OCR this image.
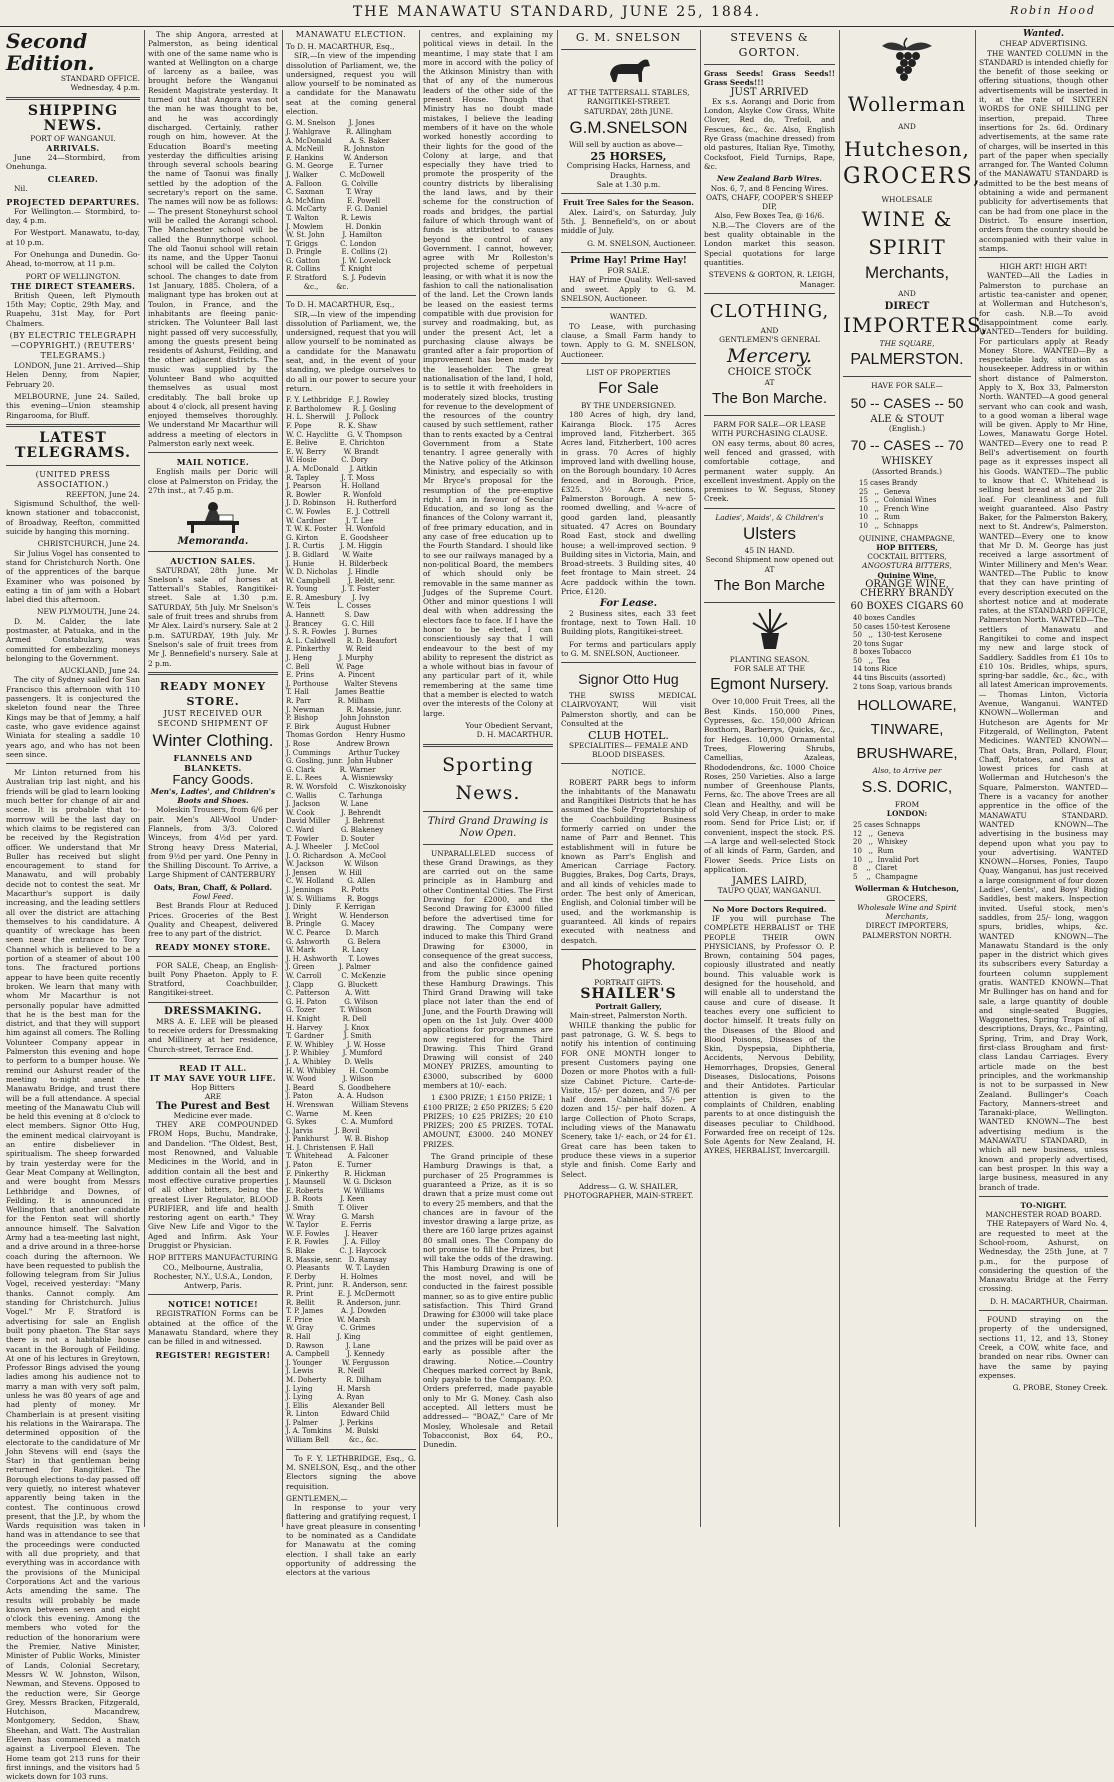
THE MANAWATU STANDARD, JUNE 25, 1884.	Robin Hood
Second Edition.
STANDARD OFFICE.
Wednesday, 4 p.m.
SHIPPING NEWS.
PORT OF WANGANUI.
ARRIVALS.

June 24—Stormbird, from Onehunga.

CLEARED.

Nil.

PROJECTED DEPARTURES.

For Wellington.— Stormbird, to-day, 4 p.m.

For Westport. Manawatu, to-day, at 10 p.m.

For Onehunga and Dunedin. Go-Ahead, to-morrow, at 11 p.m.

PORT OF WELLINGTON.
THE DIRECT STEAMERS.

British Queen, left Plymouth 15th May; Coptic, 29th May, and Ruapehu, 31st May, for Port Chalmers.

(BY ELECTRIC TELEGRAPH—COPYRIGHT.) (REUTERS' TELEGRAMS.)

LONDON, June 21. Arrived—Ship Helen Denny, from Napier, February 20.

MELBOURNE, June 24. Sailed, this evening—Union steamship Ringarooma, for Bluff.

LATEST TELEGRAMS.
(UNITED PRESS ASSOCIATION.)
REEFTON, June 24.

Sigismund Schulthof, the well-known stationer and tobacconist, of Broadway, Reefton, committed suicide by hanging this morning.

CHRISTCHURCH, June 24.

Sir Julius Vogel has consented to stand for Christchurch North. One of the apprentices of the barque Examiner who was poisoned by eating a tin of jam with a Hobart label died this afternoon.

NEW PLYMOUTH, June 24.

D. M. Calder, the late postmaster, at Patuaka, and in the Armed Constabulary, was committed for embezzling moneys belonging to the Government.

AUCKLAND, June 24.

The city of Sydney sailed for San Francisco this afternoon with 110 passengers. It is conjectured the skeleton found near the Three Kings may be that of Jemmy, a half caste, who gave evidence against Winiata for stealing a saddle 10 years ago, and who has not been seen since.

Mr Linton returned from his Australian trip last night, and his friends will be glad to learn looking much better for change of air and scene. It is probable that to-morrow will be the last day on which claims to be registered can be received by the Registration officer. We understand that Mr Buller has received but slight encouragement to stand for Manawatu, and will probably decide not to contest the seat. Mr Macarthur's support is daily increasing, and the leading settlers all over the district are attaching themselves to his candidature. A quantity of wreckage has been seen near the entrance to Tory Channel which is believed to be a portion of a steamer of about 100 tons. The fractured portions appear to have been quite recently broken. We learn that many with whom Mr Macarthur is not personally popular have admitted that he is the best man for the district, and that they will support him against all comers. The Rolling Volunteer Company appear in Palmerston this evening and hope to perform to a bumper house. We remind our Ashurst reader of the meeting to-night anent the Manawatu Bridge, and trust there will be a full attendance. A special meeting of the Manawatu Club will be held this evening at 8 o'clock to elect members. Signor Otto Hug, the eminent medical clairvoyant is an entire disbeliever in spiritualism. The sheep forwarded by train yesterday were for the Gear Meat Company at Wellington, and were bought from Messrs Lethbridge and Downes, of Feilding. It is announced in Wellington that another candidate for the Fenton seat will shortly announce himself. The Salvation Army had a tea-meeting last night, and a drive around in a three-horse coach during the afternoon. We have been requested to publish the following telegram from Sir Julius Vogel, received yesterday: "Many thanks. Cannot comply. Am standing for Christchurch. Julius Vogel." Mr F. Stratford is advertising for sale an English built pony phaeton. The Star says there is not a habitable house vacant in the Borough of Feilding. At one of his lectures in Greytown, Professor Bings advised the young ladies among his audience not to marry a man with very soft palm, unless he was 80 years of age and had plenty of money. Mr Chamberlain is at present visiting his relations in the Wairarapa. The determined opposition of the electorate to the candidature of Mr John Stevens will end (says the Star) in that gentleman being returned for Rangitikei. The Borough elections to-day passed off very quietly, no interest whatever apparently being taken in the contest. The continuous crowd present, that the J.P., by whom the Wards requisition was taken in hand was in attendance to see that the proceedings were conducted with all due propriety, and that everything was in accordance with the provisions of the Municipal Corporations Act and the various Acts amending the same. The results will probably be made known between seven and eight o'clock this evening. Among the members who voted for the reduction of the honorarium were the Premier, Native Minister, Minister of Public Works, Minister of Lands, Colonial Secretary, Messrs W. W. Johnston, Wilson, Newman, and Stevens. Opposed to the reduction were, Sir George Grey, Messrs Bracken, Fitzgerald, Hutchison, Macandrew, Montgomery, Seddon, Shaw, Sheehan, and Watt. The Australian Eleven has commenced a match against a Liverpool Eleven. The Home team got 213 runs for their first innings, and the visitors had 5 wickets down for 103 runs.

The ship Angora, arrested at Palmerston, as being identical with one of the same name who is wanted at Wellington on a charge of larceny as a bailee, was brought before the Wanganui Resident Magistrate yesterday. It turned out that Angora was not the man he was thought to be, and he was accordingly discharged. Certainly, rather rough on him, however. At the Education Board's meeting yesterday the difficulties arising through several schools bearing the name of Taonui was finally settled by the adoption of the secretary's report on the same. The names will now be as follows:— The present Stoneyhurst school will be called the Aorangi school. The Manchester school will be called the Bunnythorpe school. The old Taonui school will retain its name, and the Upper Taonui school will be called the Colyton school. The changes to date from 1st January, 1885. Cholera, of a malignant type has broken out at Toulon, in France, and the inhabitants are fleeing panic-stricken. The Volunteer Ball last night passed off very successfully, among the guests present being residents of Ashurst, Feilding, and the other adjacent districts. The music was supplied by the Volunteer Band who acquitted themselves as usual most creditably. The ball broke up about 4 o'clock, all present having enjoyed themselves thoroughly. We understand Mr Macarthur will address a meeting of electors in Palmerston early next week.

MAIL NOTICE.

English mails per Doric will close at Palmerston on Friday, the 27th inst., at 7.45 p.m.

Memoranda.
AUCTION SALES.

SATURDAY, 28th June. Mr Snelson's sale of horses at Tattersall's Stables, Rangitikei-street. Sale at 1.30 p.m. SATURDAY, 5th July. Mr Snelson's sale of fruit trees and shrubs from Mr Alex. Laird's nursery. Sale at 2 p.m. SATURDAY, 19th July. Mr Snelson's sale of fruit trees from Mr J. Bennefield's nursery. Sale at 2 p.m.

READY MONEY STORE.
JUST RECEIVED OUR SECOND SHIPMENT OF
Winter Clothing.
FLANNELS AND BLANKETS.
Fancy Goods.
Men's, Ladies', and Children's Boots and Shoes.

Moleskin Trousers, from 6/6 per pair. Men's All-Wool Under-Flannels, from 3/3. Colored Winceys, from 4½d per yard. Strong heavy Dress Material, from 9½d per yard. One Penny in the Shilling Discount. To Arrive, a Large Shipment of CANTERBURY

Oats, Bran, Chaff, & Pollard.
Fowl Feed.

Best Brands Flour at Reduced Prices. Groceries of the Best Quality and Cheapest, delivered free to any part of the district.

READY MONEY STORE.

FOR SALE, Cheap, an English-built Pony Phaeton. Apply to F. Stratford, Coachbuilder, Rangitikei-street.

DRESSMAKING.

MRS A. E. LEE will be pleased to receive orders for Dressmaking and Millinery at her residence, Church-street, Terrace End.

READ IT ALL.
IT MAY SAVE YOUR LIFE.
Hop Bitters
ARE
The Purest and Best
Medicine ever made.

THEY ARE COMPOUNDED FROM Hops, Buchu, Mandrake, and Dandelion. "The Oldest, Best, most Renowned, and Valuable Medicines in the World, and in addition contain all the best and most effective curative properties of all other bitters, being the greatest Liver Regulator, BLOOD PURIFIER, and life and health restoring agent on earth." They Give New Life and Vigor to the Aged and Infirm. Ask Your Druggist or Physician.

HOP BITTERS MANUFACTURING CO., Melbourne, Australia, Rochester, N.Y., U.S.A., London, Antwerp, Paris.
NOTICE! NOTICE!

REGISTRATION Forms can be obtained at the office of the Manawatu Standard, where they can be filled in and witnessed.

REGISTER! REGISTER!
MANAWATU ELECTION.
To D. H. MACARTHUR, Esq.,

SIR,—In view of the impending dissolution of Parliament, we, the undersigned, request you will allow yourself to be nominated as a candidate for the Manawatu seat at the coming general election.

G. M. Snelson      J. Jones
J. Wahlgrave       R. Allingham
A. McDonald        A. S. Baker
A. McNeill         R. Johnston
F. Hankins         W. Anderson
G. M. George       E. Turner
J. Walker          C. McDowell
A. Falloon         G. Colville
C. Saxman          T. Wray
A. McMinn          E. Powell
G. McCarty         F. G. Daniel
T. Walton          R. Lewis
J. Mowlem          H. Donkin
W. St. John        J. Hamilton
T. Griggs          C. London
D. Pringle         E. Collins (2)
G. Gatton          J. W. Lovelock
R. Collins         T. Knight
F. Stratford       S. J. Podevin
&c.,        &c.
To D. H. MACARTHUR, Esq.,

SIR,—In view of the impending dissolution of Parliament, we, the undersigned, request that you will allow yourself to be nominated as a candidate for the Manawatu seat, and, in the event of your standing, we pledge ourselves to do all in our power to secure your return.

F. Y. Lethbridge   F. J. Rowley
F. Bartholomew     R. J. Gosling
H. L. Sherwill     J. Pollock
F. Pope            R. K. Shaw
W. C. Hayclitte    G. V. Thompson
E. Belive          E. Chrichton
E. W. Berry        W. Brandt
W. Hosie           C. Dory
J. A. McDonald     J. Aitkin
R. Tapley          J. T. Moss
J. Pearson         H. Holland
R. Bowler          R. Wonfold
J. D. Robinson     H. Rutherford
C. W. Fowles       E. J. Cottrell
W. Cardner         J. T. Lee
T. W. K. Foster    H. Wonfold
G. Kirton          E. Goodsheer
J. R. Curtis       J. M. Higgin
J. B. Gidlard      W. Waite
J. Hunie           H. Bilderbeck
W. D. Nicholas     J. Hindle
W. Campbell        J. Beldt, senr.
R. Young           J. T. Foster
E. R. Amesbury     J. Ivy
W. Teis            L. Cosses
A. Hannett         S. Daw
J. Brancey         G. C. Hill
J. S. R. Fowles    J. Burnes
A. L. Caldwell     R. D. Beaufort
E. Pinkerthy       W. Reid
J. Heng            J. Murphy
C. Bell            W. Page
E. Prins           A. Pincent
J. Porthouse       Walter Stevens
T. Hall            James Beattie
R. Parr            R. Milham
J. Newman          R. Massie, junr.
P. Bishop          John Johnston
F. Birk            August Hubner
Thomas Gordon      Henry Husmo
J. Rose            Andrew Brown
J. Cummings        Arthur Tuckey
G. Gosling, junr.  John Hubner
G. Clark           R. Warner
E. L. Rees         A. Wisniewsky
R. W. Worsfold     C. Wiszkonoisky
C. Wallis          C. Tarhunga
J. Jackson         W. Lane
W. Cook            J. Behrendt
David Miller       J. Behrenst
C. Ward            G. Blakeney
T. Fowler          D. Souter
A. J. Wheeler      J. McCool
J. O. Richardson   A. McCool
W. Jackson         W. Wilson
J. Jensen          W. Hill
C. W. Holland      G. Allen
J. Jennings        R. Potts
W. S. Williams     R. Boggs
J. Dinly           F. Kerrigan
J. Wright          W. Henderson
B. Pringle         G. Macey
W. C. Pearce       D. March
G. Ashworth        G. Belera
W. Mark            R. Lacy
J. H. Ashworth     T. Lowes
J. Green           J. Palmer
W. Carroll         C. McKenzie
J. Clapp           G. Bluckett
C. Patterson       A. Witt
G. H. Paton        G. Wilson
G. Tozer           T. Wilson
H. Knight          R. Dell
H. Harvey          J. Knox
T. Gardner         J. Smith
F. W. Whibley      J. W. Hosse
J. P. Whibley      J. Mumford
J. A. Whibley      D. Wells
H. W. Whibley      H. Coombe
W. Wood            J. Wilson
J. Beard           S. Goodbehere
J. Paton           A. A. Hudson
H. Wrenswan        William Stevens
C. Warne           M. Keen
G. Sykes           C. A. Mumford
J. Jarvis          J. Bovil
J. Pankhurst       W. B. Bishop
H. J. Christensen  F. Hall
T. Whitehead       A. Falconer
J. Paton           E. Turner
F. Pinkerthy       R. Hickman
J. Maunsell        W. G. Dickson
E. Roberts         W. Williams
J. B. Roots        J. Keen
J. Smith           T. Oliver
W. Wray            G. Marsh
W. Taylor          E. Ferris
W. F. Fowles       J. Heaver
F. R. Fowles       J. A. Filloy
S. Blake           C. J. Haycock
R. Massie, senr.   D. Ramsay
O. Pleasants       W. T. Layden
F. Derby           H. Holmes
R. Print, junr.    R. Anderson, senr.
R. Print           E. J. McDermott
R. Bellit          R. Anderson, junr.
T. P. James        A. J. Dowden
F. Price           W. Marsh
W. Gray            C. Grimes
R. Hall            J. King
D. Rawson          J. Lane
A. Campbell        J. Kennedy
J. Younger         W. Fergusson
J. Lewis           R. Neill
M. Doherty         R. Dilham
J. Lying           H. Marsh
J. Lying           A. Ryan
J. Ellis           Alexander Bell
R. Linton          Edward Child
J. Palmer          J. Perkins
J. A. Tomkins      M. Bulski
William Bell         &c., &c.

To F. Y. LETHBRIDGE, Esq., G. M. SNELSON, Esq., and the other Electors signing the above requisition.

GENTLEMEN,—

In response to your very flattering and gratifying request, I have great pleasure in consenting to be nominated as a Candidate for Manawatu at the coming election. I shall take an early opportunity of addressing the electors at the various

centres, and explaining my political views in detail. In the meantime, I may state that I am more in accord with the policy of the Atkinson Ministry than with that of any of the numerous leaders of the other side of the present House. Though that Ministry has no doubt made mistakes, I believe the leading members of it have on the whole worked honestly according to their lights for the good of the Colony at large, and that especially they have tried to promote the prosperity of the country districts by liberalising the land laws, and by their scheme for the construction of roads and bridges, the partial failure of which through want of funds is attributed to causes beyond the control of any Government. I cannot, however, agree with Mr Rolleston's projected scheme of perpetual leasing, or with what it is now the fashion to call the nationalisation of the land. Let the Crown lands be leased on the easiest terms compatible with due provision for survey and roadmaking, but, as under the present Act, let a purchasing clause always be granted after a fair proportion of improvement has been made by the leaseholder. The great nationalisation of the land, I hold, is to settle it with freeholders in moderately sized blocks, trusting for revenue to the development of the resources of the country caused by such settlement, rather than to rents exacted by a Central Government from a State tenantry. I agree generally with the Native policy of the Atkinson Ministry, and especially so with Mr Bryce's proposal for the resumption of the pre-emptive right. I am in favour of Secular Education, and so long as the finances of the Colony warrant it, of free primary education, and in any case of free education up to the Fourth Standard. I should like to see our railways managed by a non-political Board, the members of which should only be removable in the same manner as Judges of the Supreme Court. Other and minor questions I will deal with when addressing the electors face to face. If I have the honor to be elected, I can conscientiously say that I will endeavour to the best of my ability to represent the district as a whole without bias in favour of any particular part of it, while remembering at the same time that a member is elected to watch over the interests of the Colony at large.

Your Obedient Servant,
D. H. MACARTHUR.
Sporting News.
Third Grand Drawing is Now Open.

UNPARALLELED success of these Grand Drawings, as they are carried out on the same principle as in Hamburg and other Continental Cities. The First Drawing for £2000, and the Second Drawing for £3000 filled before the advertised time for drawing. The Company were induced to make this Third Grand Drawing for £3000, in consequence of the great success, and also the confidence gained from the public since opening these Hamburg Drawings. This Third Grand Drawing will take place not later than the end of June, and the Fourth Drawing will open on the 1st July. Over 4000 applications for programmes are now registered for the Third Drawing. This Third Grand Drawing will consist of 240 MONEY PRIZES, amounting to £3000, subscribed by 6000 members at 10/- each.

1 £300 PRIZE; 1 £150 PRIZE; 1 £100 PRIZE; 2 £50 PRIZES; 5 £20 PRIZES; 10 £25 PRIZES; 20 £10 PRIZES; 200 £5 PRIZES. TOTAL AMOUNT, £3000. 240 MONEY PRIZES.

The Grand principle of these Hamburg Drawings is that, a purchaser of 25 Programmes is guaranteed a Prize, as it is so drawn that a prize must come out to every 25 members, and that the chances are in favour of the investor drawing a large prize, as there are 160 large prizes against 80 small ones. The Company do not promise to fill the Prizes, but will take the odds of the drawing. This Hamburg Drawing is one of the most novel, and will be conducted in the fairest possible manner, so as to give entire public satisfaction. This Third Grand Drawing for £3000 will take place under the supervision of a committee of eight gentlemen, and the prizes will be paid over as early as possible after the drawing. Notice.—Country Cheques marked correct by Bank, only payable to the Company. P.O. Orders preferred, made payable only to Mr G. Money. Cash also accepted. All letters must be addressed— "BOAZ," Care of Mr Mosley, Wholesale and Retail Tobacconist, Box 64, P.O., Dunedin.

G. M. SNELSON
AT THE TATTERSALL STABLES, RANGITIKEI-STREET.
SATURDAY, 28th JUNE.
G.M.SNELSON

Will sell by auction as above—

25 HORSES,
Comprising Hacks, Harness, and Draughts.
Sale at 1.30 p.m.
Fruit Tree Sales for the Season.

Alex. Laird's, on Saturday, July 5th. J. Bennefield's, on or about middle of July.

G. M. SNELSON, Auctioneer.
Prime Hay! Prime Hay!
FOR SALE.

HAY of Prime Quality. Well-saved and sweet. Apply to G. M. SNELSON, Auctioneer.

WANTED.

TO Lease, with purchasing clause, a Small Farm handy to town. Apply to G. M. SNELSON, Auctioneer.

LIST OF PROPERTIES
For Sale
BY THE UNDERSIGNED.

180 Acres of high, dry land, Kairanga Block. 175 Acres improved land, Fitzherbert. 365 Acres land, Fitzherbert, 100 acres in grass. 70 Acres of highly improved land with dwelling house, on the Borough boundary. 10 Acres fenced, and in Borough. Price, £325. 3½ Acre sections, Palmerston Borough. A new 5-roomed dwelling, and ¼-acre of good garden land, pleasantly situated. 47 Acres on Boundary Road East, stock and dwelling house; a well-improved section. 9 Building sites in Victoria, Main, and Broad-streets. 3 Building sites, 40 feet frontage to Main street. 24 Acre paddock within the town. Price, £120.

For Lease.

2 Business sites, each 33 feet frontage, next to Town Hall. 10 Building plots, Rangitikei-street.

For terms and particulars apply to G. M. SNELSON, Auctioneer.

Signor Otto Hug

THE SWISS MEDICAL CLAIRVOYANT, Will visit Palmerston shortly, and can be Consulted at the

CLUB HOTEL.
SPECIALITIES— FEMALE AND BLOOD DISEASES.
NOTICE.

ROBERT PARR begs to inform the inhabitants of the Manawatu and Rangitikei Districts that he has assumed the Sole Proprietorship of the Coachbuilding Business formerly carried on under the name of Parr and Bennet. This establishment will in future be known as Parr's English and American Carriage Factory. Buggies, Brakes, Dog Carts, Drays, and all kinds of vehicles made to order. The best only of American, English, and Colonial timber will be used, and the workmanship is guaranteed. All kinds of repairs executed with neatness and despatch.

Photography.
PORTRAIT GIFTS.
SHAILER'S
Portrait Gallery,
Main-street, Palmerston North.

WHILE thanking the public for past patronage, G. W. S. begs to notify his intention of continuing FOR ONE MONTH longer to present Customers paying one Dozen or more Photos with a full-size Cabinet Picture. Carte-de-Visite, 15/- per dozen, and 7/6 per half dozen. Cabinets, 35/- per dozen and 15/- per half dozen. A large Collection of Photo Scraps, including views of the Manawatu Scenery, take 1/- each, or 24 for £1. Great care has been taken to produce these views in a superior style and finish. Come Early and Select.

Address— G. W. SHAILER, PHOTOGRAPHER, MAIN-STREET.
STEVENS & GORTON.
Grass Seeds! Grass Seeds!! Grass Seeds!!!
JUST ARRIVED

Ex s.s. Aorangi and Doric from London, Alsyke Cow Grass, White Clover, Red do, Trefoil, and Fescues, &c., &c. Also, English Rye Grass (machine dressed) from old pastures, Italian Rye, Timothy, Cocksfoot, Field Turnips, Rape, &c.

New Zealand Barb Wires.
Nos. 6, 7, and 8 Fencing Wires.
OATS, CHAFF, COOPER'S SHEEP DIP,
Also, Few Boxes Tea, @ 16/6.

N.B.—The Clovers are of the best quality obtainable in the London market this season. Special quotations for large quantities.

STEVENS & GORTON, R. LEIGH, Manager.
CLOTHING,
AND
GENTLEMEN'S GENERAL
Mercery.
CHOICE STOCK
AT
The Bon Marche.
FARM FOR SALE—OR LEASE WITH PURCHASING CLAUSE.

ON easy terms, about 80 acres, well fenced and grassed, with comfortable cottage, and permanent water supply. An excellent investment. Apply on the premises to W. Seguss, Stoney Creek.

Ladies', Maids', & Children's
Ulsters
45 IN HAND.
Second Shipment now opened out
AT
The Bon Marche
PLANTING SEASON.
FOR SALE AT THE
Egmont Nursery.

Over 10,000 Fruit Trees, all the Best Kinds. 150,000 Pines, Cypresses, &c. 150,000 African Boxthorn, Barberrys, Quicks, &c., for Hedges. 10,000 Ornamental Trees, Flowering Shrubs, Camellias, Azaleas, Rhododendrons, &c. 1000 Choice Roses, 250 Varieties. Also a large number of Greenhouse Plants, Ferns, &c. The above Trees are all Clean and Healthy, and will be sold Very Cheap, in order to make room. Send for Price List; or, if convenient, inspect the stock. P.S.—A large and well-selected Stock of all kinds of Farm, Garden, and Flower Seeds. Price Lists on application.

JAMES LAIRD,
TAUPO QUAY, WANGANUI.
No More Doctors Required.

IF you will purchase The COMPLETE HERBALIST or THE PEOPLE THEIR OWN PHYSICIANS, by Professor O. P. Brown, containing 504 pages, copiously illustrated and neatly bound. This valuable work is designed for the household, and will enable all to understand the cause and cure of disease. It teaches every one sufficient to doctor himself. It treats fully on the Diseases of the Blood and Blood Poisons, Diseases of the Skin, Dyspepsia, Diphtheria, Accidents, Nervous Debility, Hemorrhages, Dropsies, General Diseases, Dislocations, Poisons and their Antidotes. Particular attention is given to the complaints of Children, enabling parents to at once distinguish the diseases peculiar to Childhood. Forwarded free on receipt of 12s. Sole Agents for New Zealand, H. AYRES, HERBALIST, Invercargill.

Wollerman
AND
Hutcheson,
GROCERS,
WHOLESALE
WINE & SPIRIT
Merchants,
AND
DIRECT
IMPORTERS,
THE SQUARE,
PALMERSTON.
HAVE FOR SALE—
50 -- CASES -- 50
ALE & STOUT
(English.)
70 -- CASES -- 70
WHISKEY
(Assorted Brands.)
15 cases Brandy
25   ,,  Geneva
15   ,,  Colonial Wines
10   ,,  French Wine
10   ,,  Rum
10   ,,  Schnapps
QUININE, CHAMPAGNE,
HOP BITTERS,
COCKTAIL BITTERS,
ANGOSTURA BITTERS,
Quinine Wine,
ORANGE WINE,
CHERRY BRANDY
60 BOXES CIGARS 60
40 boxes Candles
50 cases 150-test Kerosene
50   ,,  130-test Kerosene
20 tons Sugar
8 boxes Tobacco
50   ,,  Tea
14 tons Rice
44 tins Biscuits (assorted)
2 tons Soap, various brands
HOLLOWARE,
TINWARE,
BRUSHWARE,
Also, to Arrive per
S.S. DORIC,
FROM
LONDON:
25 cases Schnapps
12   ,,  Geneva
20   ,,  Whiskey
10   ,,  Rum
10   ,,  Invalid Port
8    ,,  Claret
5    ,,  Champagne
Wollerman & Hutcheson,
GROCERS,
Wholesale Wine and Spirit
Merchants,
DIRECT IMPORTERS,
PALMERSTON NORTH.
Wanted.
CHEAP ADVERTISING.

THE WANTED COLUMN in the STANDARD is intended chiefly for the benefit of those seeking or offering situations, though other advertisements will be inserted in it, at the rate of SIXTEEN WORDS for ONE SHILLING per insertion, prepaid. Three insertions for 2s. 6d. Ordinary advertisements, at the same rate of charges, will be inserted in this part of the paper when specially arranged for. The Wanted Column of the MANAWATU STANDARD is admitted to be the best means of obtaining a wide and permanent publicity for advertisements that can be had from one place in the District. To ensure insertion, orders from the country should be accompanied with their value in stamps.

HIGH ART! HIGH ART!

WANTED—All the Ladies in Palmerston to purchase an artistic tea-canister and opener, at Wollerman and Hutcheson's, for cash. N.B.—To avoid disappointment come early. WANTED—Tenders for building. For particulars apply at Ready Money Store. WANTED—By a respectable lady, situation as housekeeper. Address in or within short distance of Palmerston. Apply to X, Box 33, Palmerston North. WANTED—A good general servant who can cook and wash, to a good woman a liberal wage will be given. Apply to Mr Hine, Lowes, Manawatu Gorge Hotel. WANTED—Every one to read P. Bell's advertisement on fourth page as it expresses inspect all his Goods. WANTED—The public to know that C. Whitehead is selling best bread at 3d per 2lb loaf. For cleanliness and full weight guaranteed. Also Pastry Baker, for the Palmerston Bakery, next to St. Andrew's, Palmerston. WANTED—Every one to know that Mr D. M. George has just received a large assortment of Winter Millinery and Men's Wear. WANTED—The Public to know that they can have printing of every description executed on the shortest notice and at moderate rates, at the STANDARD OFFICE, Palmerston North. WANTED—The settlers of Manawatu and Rangitikei to come and inspect my new and large stock of Saddlery. Saddles from £1 10s to £10 10s. Bridles, whips, spurs, spring-bar saddle, &c., &c., with all latest American improvements. — Thomas Linton, Victoria Avenue, Wanganui. WANTED KNOWN—Wollerman and Hutcheson are Agents for Mr Fitzgerald, of Wellington, Patent Medicines. WANTED KNOWN—That Oats, Bran, Pollard, Flour, Chaff, Potatoes, and Plums at lowest prices for cash at Wollerman and Hutcheson's the Square, Palmerston. WANTED—There is a vacancy for another apprentice in the office of the MANAWATU STANDARD. WANTED KNOWN—The advertising in the business may depend upon what you pay to your advertising. WANTED KNOWN—Horses, Ponies, Taupo Quay, Wanganui, has just received a large consignment of four dozen Ladies', Gents', and Boys' Riding Saddles, best makers. Inspection invited. Useful stock, men's saddles, from 25/- long, waggon spurs, bridles, whips, &c. WANTED KNOWN—The Manawatu Standard is the only paper in the district which gives its subscribers every Saturday a fourteen column supplement gratis. WANTED KNOWN—That Mr Bullinger has on hand and for sale, a large quantity of double and single-seated Buggies, Waggonettes, Spring Traps of all descriptions, Drays, &c., Painting, Spring, Trim, and Dray Work, first-class Brougham and first-class Landau Carriages. Every article made on the best principles, and the workmanship is not to be surpassed in New Zealand. Bullinger's Coach Factory, Manners-street and Taranaki-place, Wellington. WANTED KNOWN—The best advertising medium is the MANAWATU STANDARD, in which all new business, unless known and properly advertised, can best prosper. In this way a large business, measured in any branch of trade.

TO-NIGHT.
MANCHESTER ROAD BOARD.

THE Ratepayers of Ward No. 4, are requested to meet at the School-room, Ashurst, on Wednesday, the 25th June, at 7 p.m., for the purpose of considering the question of the Manawatu Bridge at the Ferry crossing.

D. H. MACARTHUR, Chairman.

FOUND straying on the property of the undersigned, sections 11, 12, and 13, Stoney Creek, a COW, white face, and branded on near ribs. Owner can have the same by paying expenses.

G. PROBE, Stoney Creek.
